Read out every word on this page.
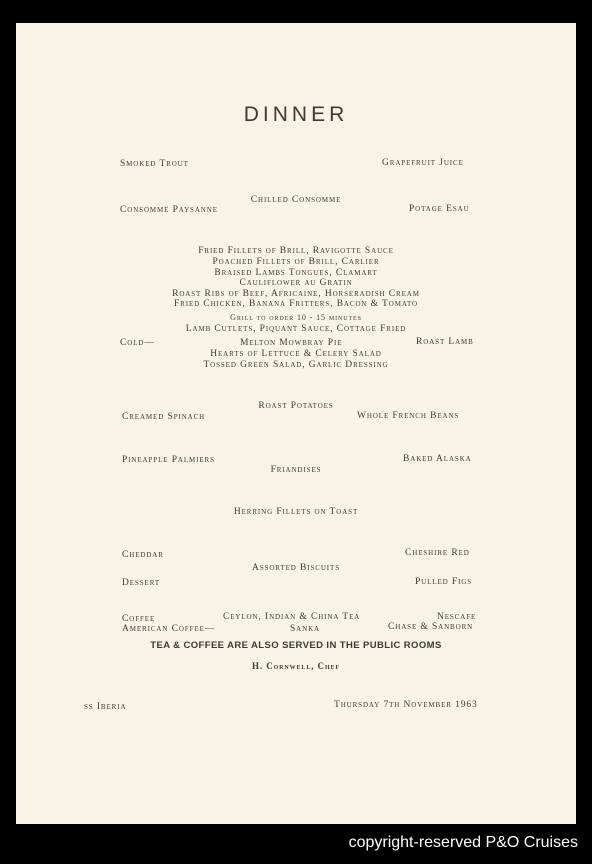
DINNER
Smoked Trout	Grapefruit Juice
Chilled Consomme
Consomme Paysanne	Potage Esau
Fried Fillets of Brill, Ravigotte Sauce
Poached Fillets of Brill, Carlier
Braised Lambs Tongues, Clamart
Cauliflower au Gratin
Roast Ribs of Beef, Africaine, Horseradish Cream
Fried Chicken, Banana Fritters, Bacon & Tomato
Grill to order 10 - 15 minutes
Lamb Cutlets, Piquant Sauce, Cottage Fried
Cold—	Melton Mowbray Pie	Roast Lamb
Hearts of Lettuce & Celery Salad
Tossed Green Salad, Garlic Dressing
Roast Potatoes
Creamed Spinach	Whole French Beans
Pineapple Palmiers	Baked Alaska
Friandises
Herring Fillets on Toast
Cheddar	Cheshire Red
Assorted Biscuits
Dessert	Pulled Figs
Coffee	Ceylon, Indian & China Tea	Nescafe
American Coffee—	Sanka	Chase & Sanborn
TEA & COFFEE ARE ALSO SERVED IN THE PUBLIC ROOMS
H. Cornwell, Chef
ss Iberia	Thursday 7th November 1963
copyright-reserved P&O Cruises
